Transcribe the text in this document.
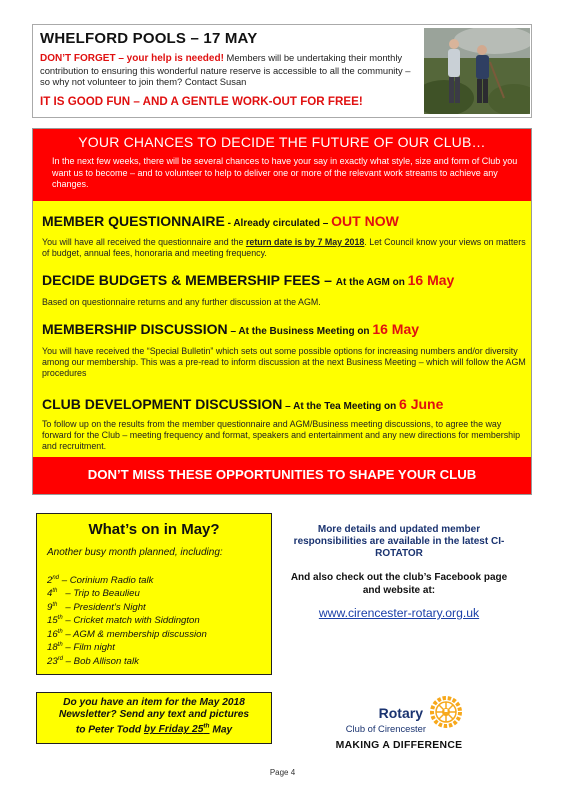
WHELFORD POOLS – 17 MAY
DON’T FORGET – your help is needed! Members will be undertaking their monthly contribution to ensuring this wonderful nature reserve is accessible to all the community – so why not volunteer to join them? Contact Susan
IT IS GOOD FUN – AND A GENTLE WORK-OUT FOR FREE!
YOUR CHANCES TO DECIDE THE FUTURE OF OUR CLUB…
In the next few weeks, there will be several chances to have your say in exactly what style, size and form of Club you want us to become – and to volunteer to help to deliver one or more of the relevant work streams to achieve any changes.
MEMBER QUESTIONNAIRE - Already circulated – OUT NOW
You will have all received the questionnaire and the return date is by 7 May 2018. Let Council know your views on matters of budget, annual fees, honoraria and meeting frequency.
DECIDE BUDGETS & MEMBERSHIP FEES – At the AGM on 16 May
Based on questionnaire returns and any further discussion at the AGM.
MEMBERSHIP DISCUSSION – At the Business Meeting on 16 May
You will have received the “Special Bulletin” which sets out some possible options for increasing numbers and/or diversity among our membership. This was a pre-read to inform discussion at the next Business Meeting – which will follow the AGM procedures
CLUB DEVELOPMENT DISCUSSION – At the Tea Meeting on 6 June
To follow up on the results from the member questionnaire and AGM/Business meeting discussions, to agree the way forward for the Club – meeting frequency and format, speakers and entertainment and any new directions for membership and recruitment.
DON’T MISS THESE OPPORTUNITIES TO SHAPE YOUR CLUB
What’s on in May?
Another busy month planned, including:
2nd – Corinium Radio talk
4th   – Trip to Beaulieu
9th   – President’s Night
15th – Cricket match with Siddington
16th – AGM & membership discussion
18th – Film night
23rd – Bob Allison talk
Do you have an item for the May 2018
Newsletter? Send any text and pictures
to Peter Todd by Friday 25th May
More details and updated member responsibilities are available in the latest CI-ROTATOR
And also check out the club’s Facebook page and website at:
www.cirencester-rotary.org.uk
Rotary
Club of Cirencester
MAKING A DIFFERENCE
Page 4
